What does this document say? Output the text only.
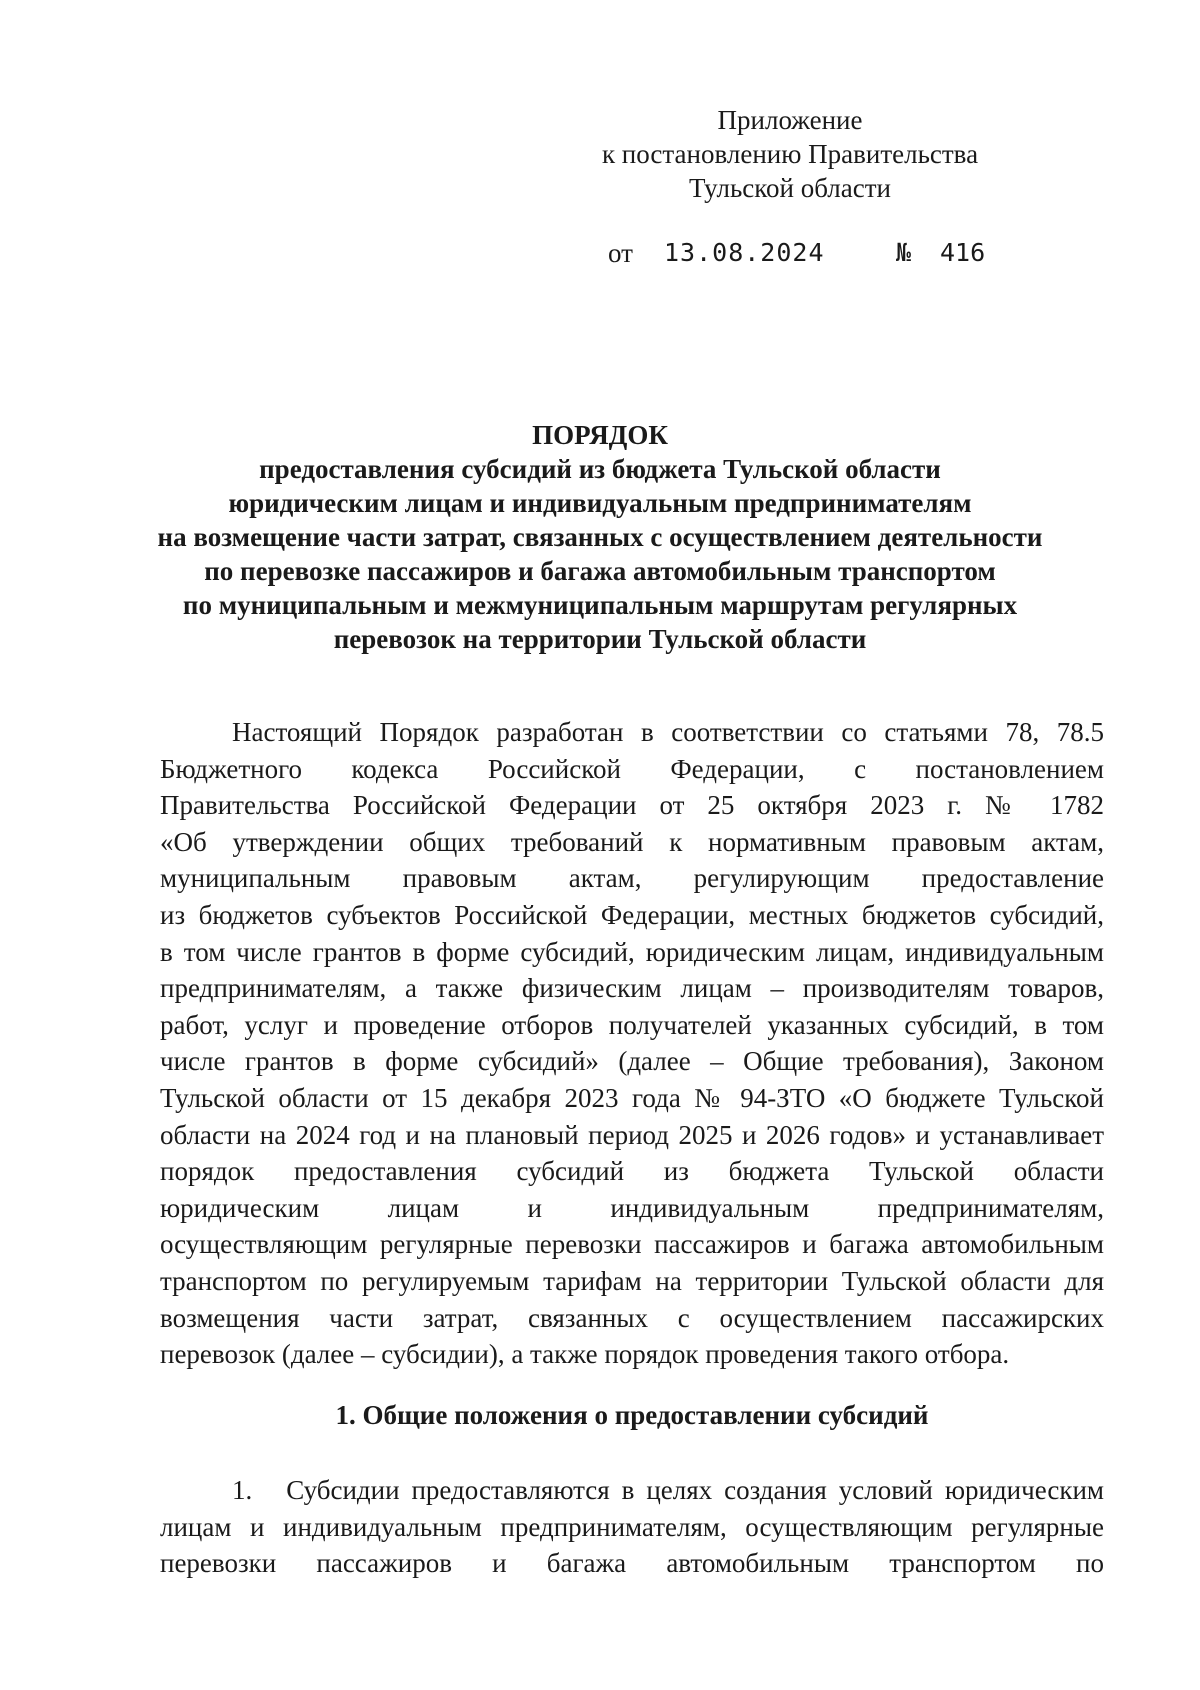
Приложение
к постановлению Правительства
Тульской области
от 13.08.2024	№ 416
ПОРЯДОК
предоставления субсидий из бюджета Тульской области
юридическим лицам и индивидуальным предпринимателям
на возмещение части затрат, связанных с осуществлением деятельности
по перевозке пассажиров и багажа автомобильным транспортом
по муниципальным и межмуниципальным маршрутам регулярных
перевозок на территории Тульской области
Настоящий Порядок разработан в соответствии со статьями 78, 78.5
Бюджетного кодекса Российской Федерации, с постановлением
Правительства Российской Федерации от 25 октября 2023 г. № 1782
«Об утверждении общих требований к нормативным правовым актам,
муниципальным правовым актам, регулирующим предоставление
из бюджетов субъектов Российской Федерации, местных бюджетов субсидий,
в том числе грантов в форме субсидий, юридическим лицам, индивидуальным
предпринимателям, а также физическим лицам – производителям товаров,
работ, услуг и проведение отборов получателей указанных субсидий, в том
числе грантов в форме субсидий» (далее – Общие требования), Законом
Тульской области от 15 декабря 2023 года № 94-ЗТО «О бюджете Тульской
области на 2024 год и на плановый период 2025 и 2026 годов» и устанавливает
порядок предоставления субсидий из бюджета Тульской области
юридическим лицам и индивидуальным предпринимателям,
осуществляющим регулярные перевозки пассажиров и багажа автомобильным
транспортом по регулируемым тарифам на территории Тульской области для
возмещения части затрат, связанных с осуществлением пассажирских
перевозок (далее – субсидии), а также порядок проведения такого отбора.
1. Общие положения о предоставлении субсидий
1. Субсидии предоставляются в целях создания условий юридическим
лицам и индивидуальным предпринимателям, осуществляющим регулярные
перевозки пассажиров и багажа автомобильным транспортом по
